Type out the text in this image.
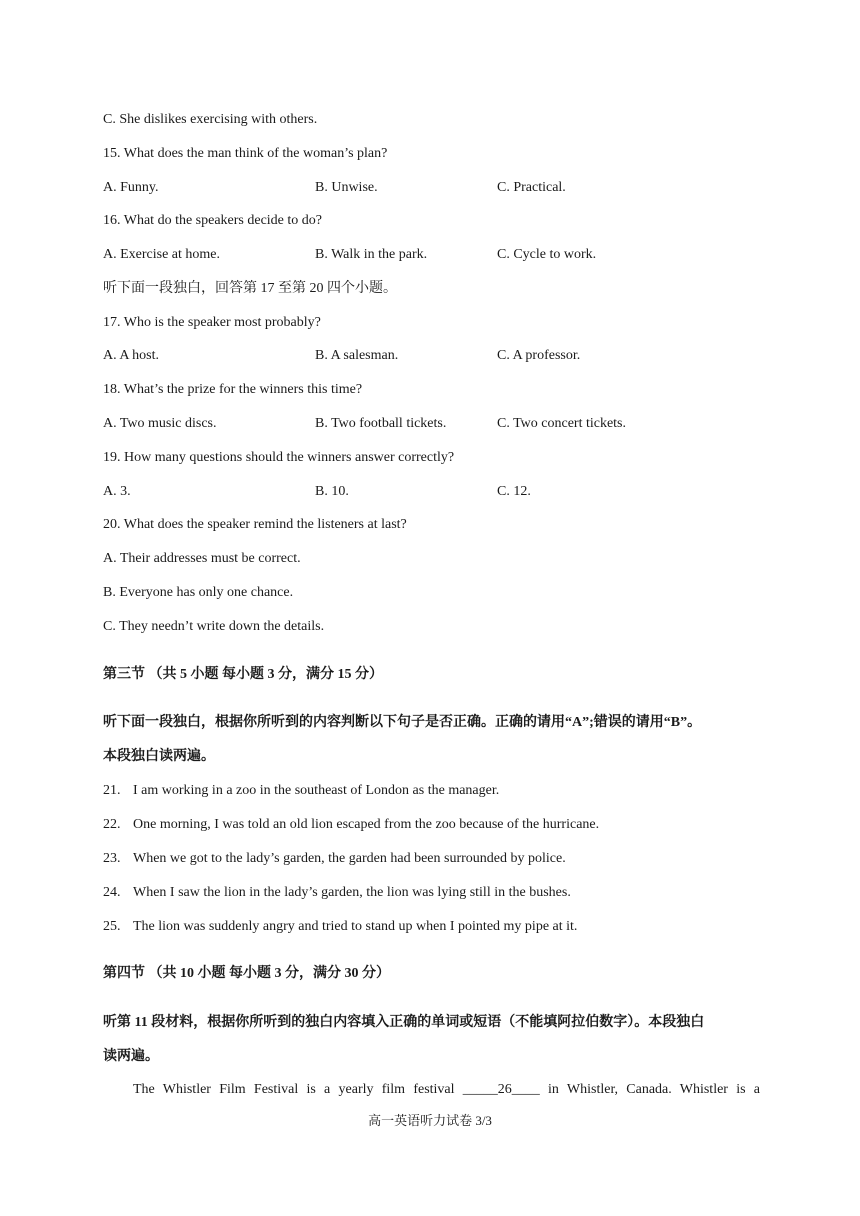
C. She dislikes exercising with others.
15. What does the man think of the woman’s plan?
A. Funny.	B. Unwise.	C. Practical.
16. What do the speakers decide to do?
A. Exercise at home.	B. Walk in the park.	C. Cycle to work.
听下面一段独白，回答第 17 至第 20 四个小题。
17. Who is the speaker most probably?
A. A host.	B. A salesman.	C. A professor.
18. What’s the prize for the winners this time?
A. Two music discs.	B. Two football tickets.	C. Two concert tickets.
19. How many questions should the winners answer correctly?
A. 3.	B. 10.	C. 12.
20. What does the speaker remind the listeners at last?
A. Their addresses must be correct.
B. Everyone has only one chance.
C. They needn’t write down the details.
第三节 （共 5 小题 每小题 3 分，满分 15 分）
听下面一段独白，根据你所听到的内容判断以下句子是否正确。正确的请用“A”;错误的请用“B”。
本段独白读两遍。
21. I am working in a zoo in the southeast of London as the manager.
22. One morning, I was told an old lion escaped from the zoo because of the hurricane.
23. When we got to the lady’s garden, the garden had been surrounded by police.
24. When I saw the lion in the lady’s garden, the lion was lying still in the bushes.
25. The lion was suddenly angry and tried to stand up when I pointed my pipe at it.
第四节 （共 10 小题 每小题 3 分，满分 30 分）
听第 11 段材料，根据你所听到的独白内容填入正确的单词或短语（不能填阿拉伯数字）。本段独白
读两遍。
The Whistler Film Festival is a yearly film festival _____26____ in Whistler, Canada. Whistler is a
高一英语听力试卷 3/3
